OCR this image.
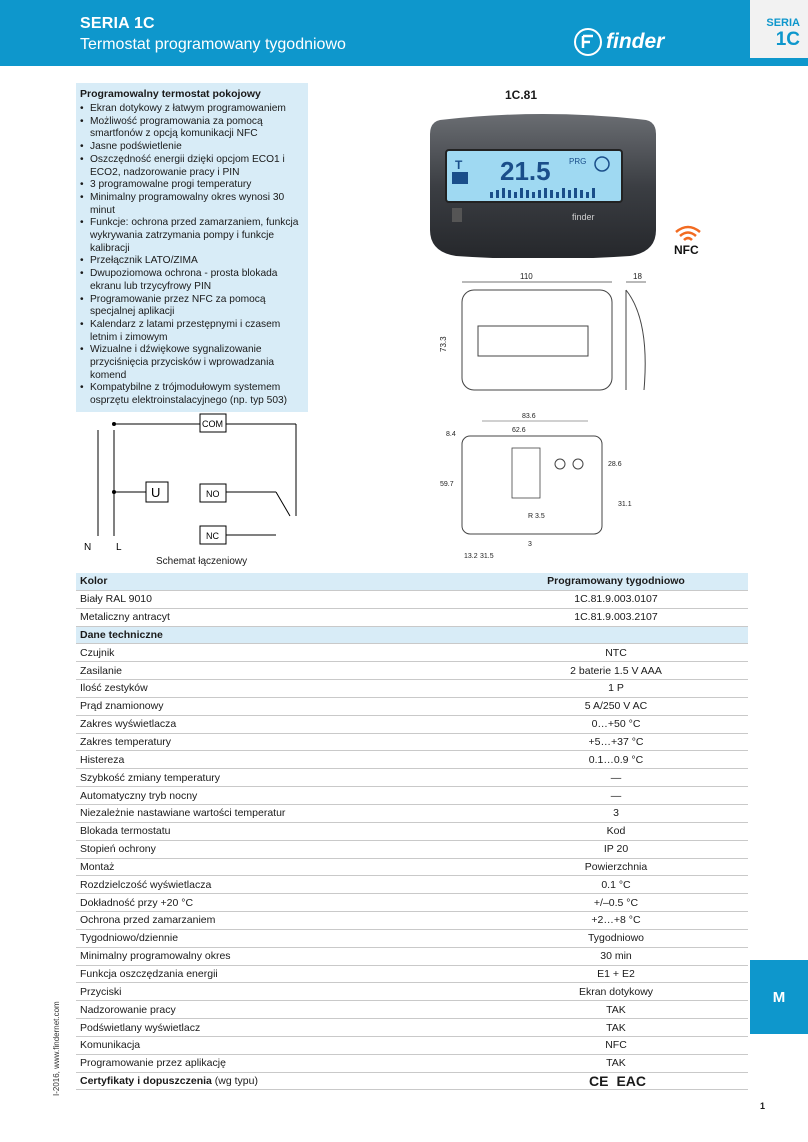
SERIA 1C
Termostat programowany tygodniowo	finder
SERIA
1C
Programowalny termostat pokojowy
• Ekran dotykowy z łatwym programowaniem
• Możliwość programowania za pomocą smartfonów z opcją komunikacji NFC
• Jasne podświetlenie
• Oszczędność energii dzięki opcjom ECO1 i ECO2, nadzorowanie pracy i PIN
• 3 programowalne progi temperatury
• Minimalny programowalny okres wynosi 30 minut
• Funkcje: ochrona przed zamarzaniem, funkcja wykrywania zatrzymania pompy i funkcje kalibracji
• Przełącznik LATO/ZIMA
• Dwupoziomowa ochrona - prosta blokada ekranu lub trzycyfrowy PIN
• Programowanie przez NFC za pomocą specjalnej aplikacji
• Kalendarz z latami przestępnymi i czasem letnim i zimowym
• Wizualne i dźwiękowe sygnalizowanie przyciśnięcia przycisków i wprowadzania komend
• Kompatybilne z trójmodułowym systemem osprzętu elektroinstalacyjnego (np. typ 503)
1C.81
T 21.5 PRG
finder
NFC
110	18
73.3
U
COM
NO
NC
N L
Schemat łączeniowy
83.6
62.6
8.4
59.7
28.6
31.1
R 3.5
3
13.2 31.5
Kolor	Programowany tygodniowo
Biały RAL 9010	1C.81.9.003.0107
Metaliczny antracyt	1C.81.9.003.2107
Dane techniczne
Czujnik	NTC
Zasilanie	2 baterie 1.5 V AAA
Ilość zestyków	1 P
Prąd znamionowy	5 A/250 V AC
Zakres wyświetlacza	0…+50 °C
Zakres temperatury	+5…+37 °C
Histereza	0.1…0.9 °C
Szybkość zmiany temperatury	—
Automatyczny tryb nocny	—
Niezależnie nastawiane wartości temperatur	3
Blokada termostatu	Kod
Stopień ochrony	IP 20
Montaż	Powierzchnia
Rozdzielczość wyświetlacza	0.1 °C
Dokładność przy +20 °C	+/–0.5 °C
Ochrona przed zamarzaniem	+2…+8 °C
Tygodniowo/dziennie	Tygodniowo
Minimalny programowalny okres	30 min
Funkcja oszczędzania energii	E1 + E2
Przyciski	Ekran dotykowy
Nadzorowanie pracy	TAK
Podświetlany wyświetlacz	TAK
Komunikacja	NFC
Programowanie przez aplikację	TAK
Certyfikaty i dopuszczenia (wg typu)	CE EAC
M
I-2016, www.findernet.com
1
